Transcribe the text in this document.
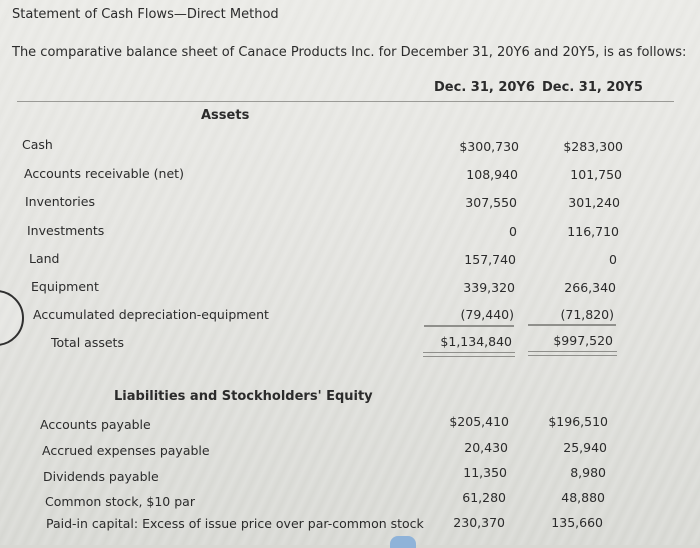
Statement of Cash Flows—Direct Method
The comparative balance sheet of Canace Products Inc. for December 31, 20Y6 and 20Y5, is as follows:
Dec. 31, 20Y6 Dec. 31, 20Y5
Assets
Cash	$300,730	$283,300
Accounts receivable (net)	108,940	101,750
Inventories	307,550	301,240
Investments	0	116,710
Land	157,740	0
Equipment	339,320	266,340
Accumulated depreciation-equipment	(79,440)	(71,820)
Total assets	$1,134,840	$997,520
Liabilities and Stockholders' Equity
Accounts payable	$205,410	$196,510
Accrued expenses payable	20,430	25,940
Dividends payable	11,350	8,980
Common stock, $10 par	61,280	48,880
Paid-in capital: Excess of issue price over par-common stock	230,370	135,660
